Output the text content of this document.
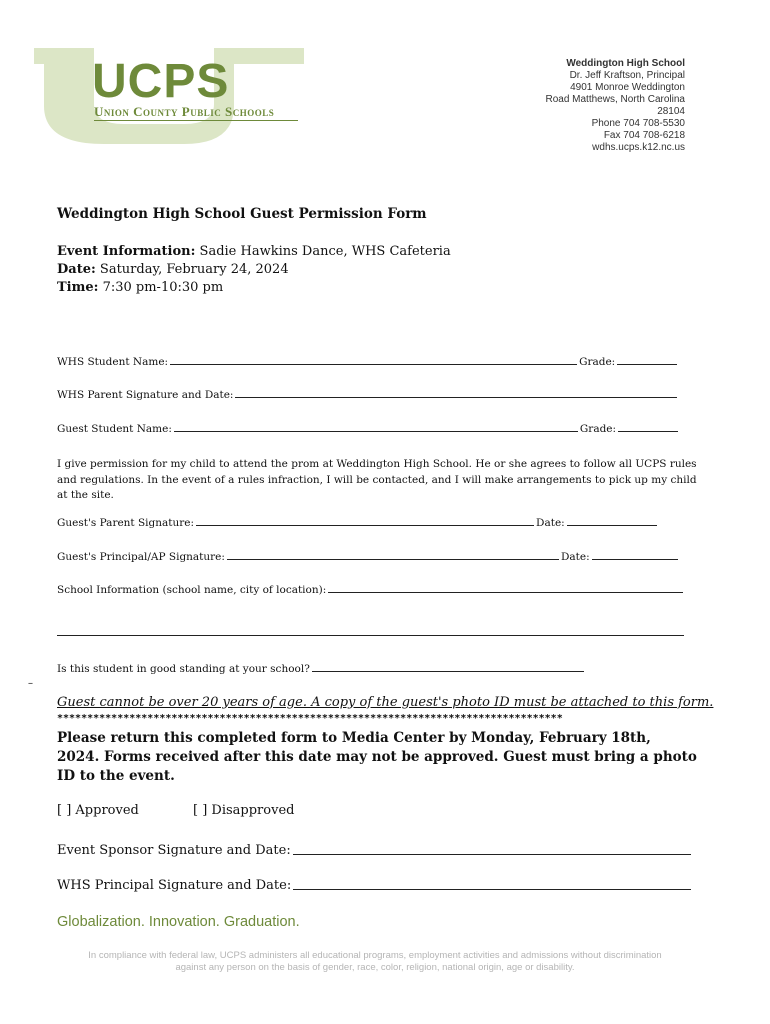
UCPS
Union County Public Schools
Weddington High School
Dr. Jeff Kraftson, Principal
4901 Monroe Weddington
Road Matthews, North Carolina
28104
Phone 704 708-5530
Fax 704 708-6218
wdhs.ucps.k12.nc.us
Weddington High School Guest Permission Form
Event Information: Sadie Hawkins Dance, WHS Cafeteria
Date: Saturday, February 24, 2024
Time: 7:30 pm-10:30 pm
WHS Student Name:	Grade:
WHS Parent Signature and Date:
Guest Student Name:	Grade:
I give permission for my child to attend the prom at Weddington High School. He or she agrees to follow all UCPS rules and regulations. In the event of a rules infraction, I will be contacted, and I will make arrangements to pick up my child at the site.
Guest's Parent Signature:	Date:
Guest's Principal/AP Signature:	Date:
School Information (school name, city of location):
Is this student in good standing at your school?
–
Guest cannot be over 20 years of age. A copy of the guest's photo ID must be attached to this form.
************************************************************************************
Please return this completed form to Media Center by Monday, February 18th, 2024. Forms received after this date may not be approved. Guest must bring a photo ID to the event.
[ ] Approved	[ ] Disapproved
Event Sponsor Signature and Date:
WHS Principal Signature and Date:
Globalization. Innovation. Graduation.
In compliance with federal law, UCPS administers all educational programs, employment activities and admissions without discrimination
against any person on the basis of gender, race, color, religion, national origin, age or disability.
